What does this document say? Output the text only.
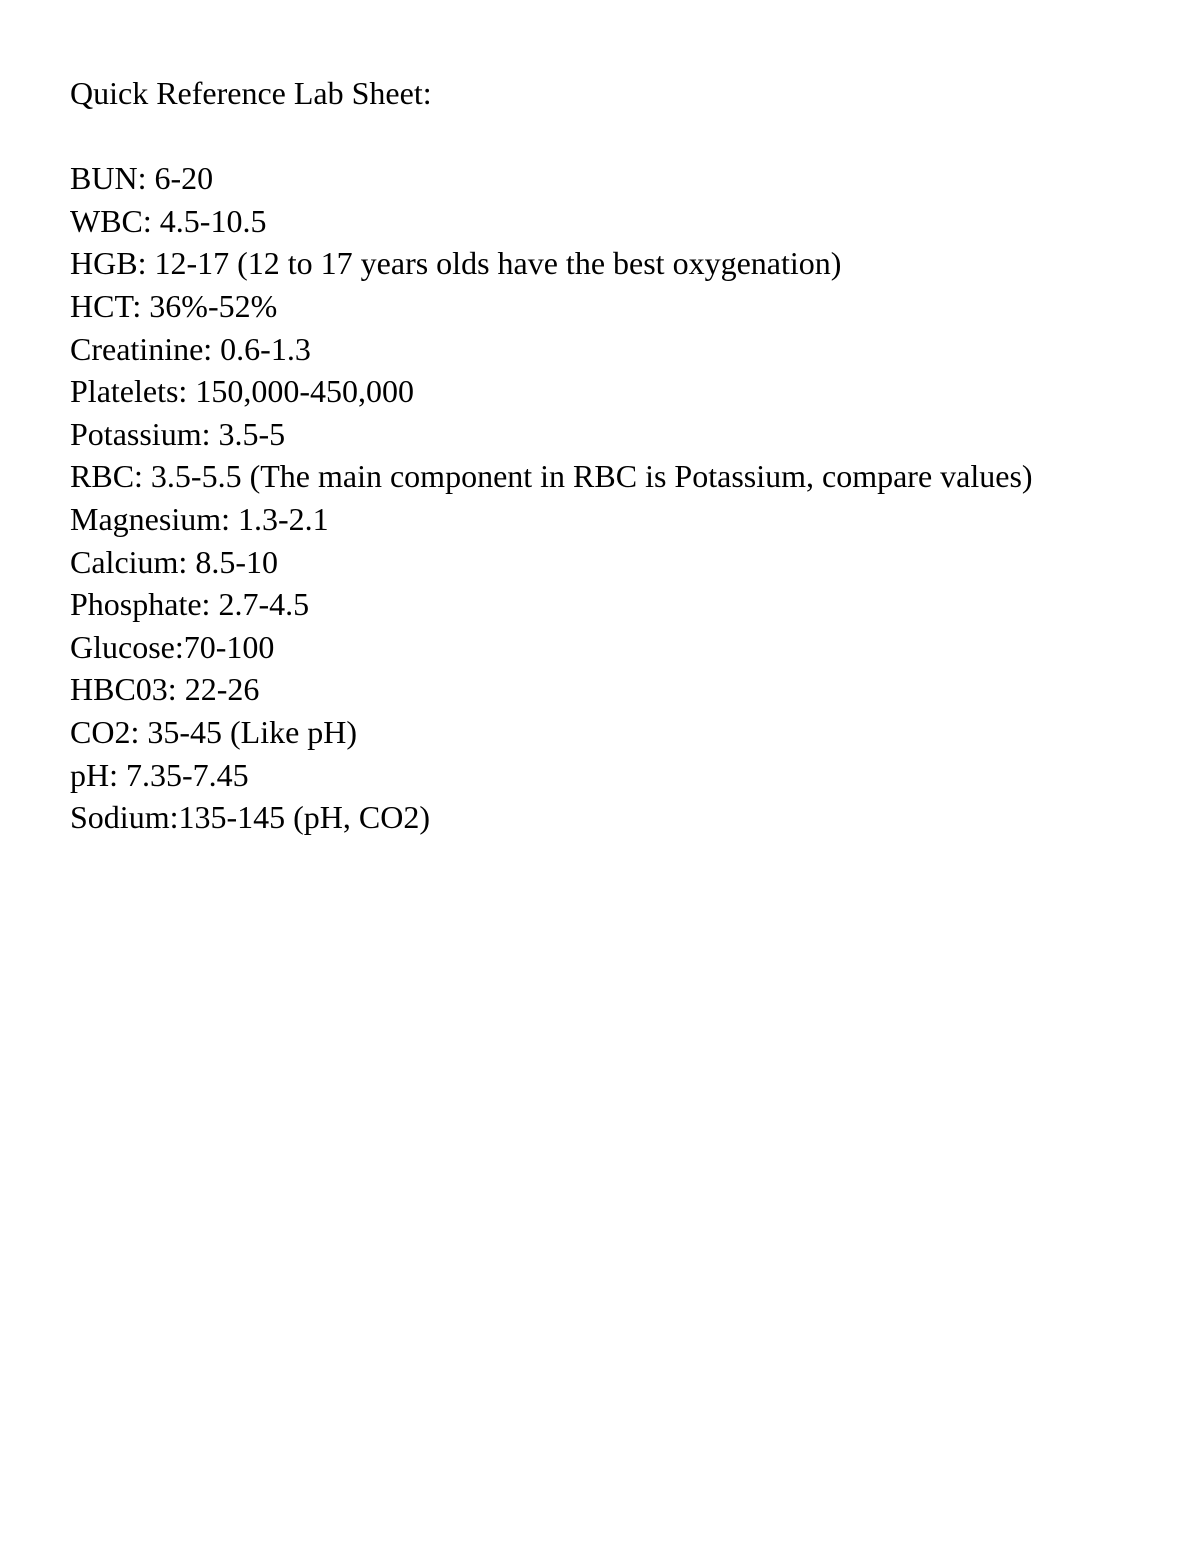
Quick Reference Lab Sheet:
BUN: 6-20
WBC: 4.5-10.5
HGB: 12-17 (12 to 17 years olds have the best oxygenation)
HCT: 36%-52%
Creatinine: 0.6-1.3
Platelets: 150,000-450,000
Potassium: 3.5-5
RBC: 3.5-5.5 (The main component in RBC is Potassium, compare values)
Magnesium: 1.3-2.1
Calcium: 8.5-10
Phosphate: 2.7-4.5
Glucose:70-100
HBC03: 22-26
CO2: 35-45 (Like pH)
pH: 7.35-7.45
Sodium:135-145 (pH, CO2)
